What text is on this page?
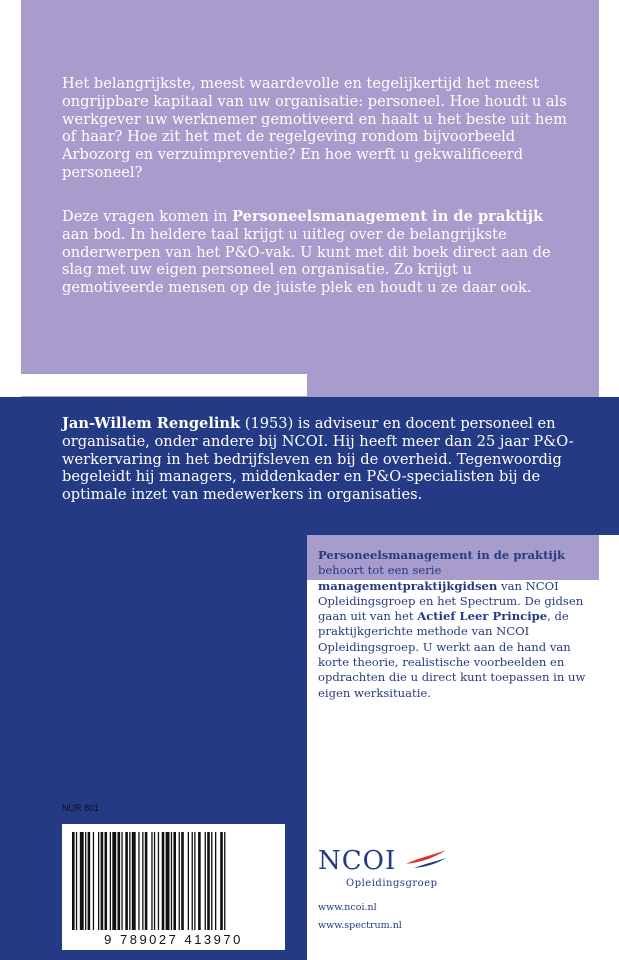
Het belangrijkste, meest waardevolle en tegelijkertijd het meest ongrijpbare kapitaal van uw organisatie: personeel. Hoe houdt u als werkgever uw werknemer gemotiveerd en haalt u het beste uit hem of haar? Hoe zit het met de regelgeving rondom bijvoorbeeld Arbozorg en verzuimpreventie? En hoe werft u gekwalificeerd personeel?

Deze vragen komen in Personeelsmanagement in de praktijk aan bod. In heldere taal krijgt u uitleg over de belangrijkste onderwerpen van het P&O-vak. U kunt met dit boek direct aan de slag met uw eigen personeel en organisatie. Zo krijgt u gemotiveerde mensen op de juiste plek en houdt u ze daar ook.

Jan-Willem Rengelink (1953) is adviseur en docent personeel en organisatie, onder andere bij NCOI. Hij heeft meer dan 25 jaar P&O-werkervaring in het bedrijfsleven en bij de overheid. Tegenwoordig begeleidt hij managers, middenkader en P&O-specialisten bij de optimale inzet van medewerkers in organisaties.

Personeelsmanagement in de praktijk behoort tot een serie managementpraktijkgidsen van NCOI Opleidingsgroep en het Spectrum. De gidsen gaan uit van het Actief Leer Principe, de praktijkgerichte methode van NCOI Opleidingsgroep. U werkt aan de hand van korte theorie, realistische voorbeelden en opdrachten die u direct kunt toepassen in uw eigen werksituatie.

NUR 801
9 789027 413970
NCOI
Opleidingsgroep
www.ncoi.nl
www.spectrum.nl
